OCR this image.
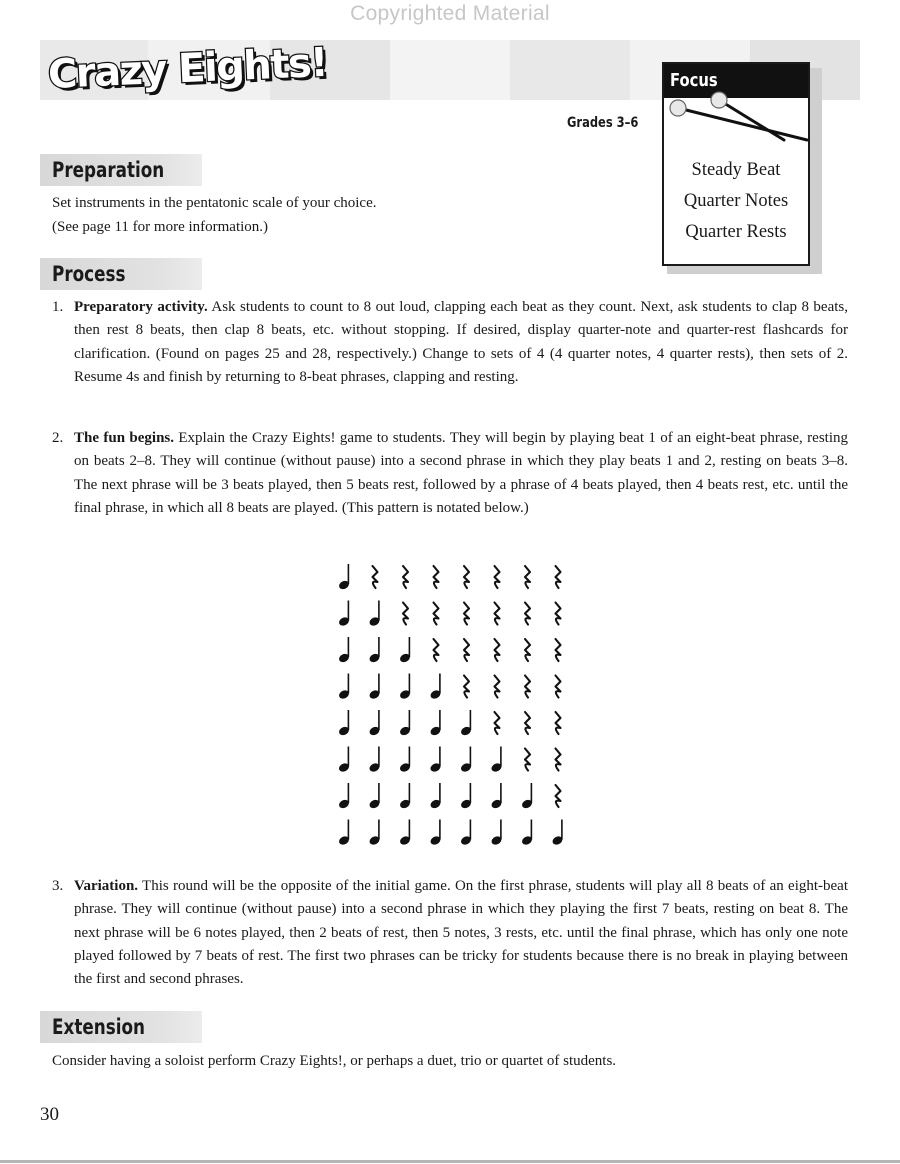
Copyrighted Material
Crazy Eights!
Grades 3–6
Focus
Steady Beat
Quarter Notes
Quarter Rests
Preparation

Set instruments in the pentatonic scale of your choice.

(See page 11 for more information.)

Process
1. Preparatory activity. Ask students to count to 8 out loud, clapping each beat as they count. Next, ask students to clap 8 beats, then rest 8 beats, then clap 8 beats, etc. without stopping. If desired, display quarter-note and quarter-rest flashcards for clarification. (Found on pages 25 and 28, respectively.) Change to sets of 4 (4 quarter notes, 4 quarter rests), then sets of 2. Resume 4s and finish by returning to 8-beat phrases, clapping and resting.
2. The fun begins. Explain the Crazy Eights! game to students. They will begin by playing beat 1 of an eight-beat phrase, resting on beats 2–8. They will continue (without pause) into a second phrase in which they play beats 1 and 2, resting on beats 3–8. The next phrase will be 3 beats played, then 5 beats rest, followed by a phrase of 4 beats played, then 4 beats rest, etc. until the final phrase, in which all 8 beats are played. (This pattern is notated below.)
3. Variation. This round will be the opposite of the initial game. On the first phrase, students will play all 8 beats of an eight-beat phrase. They will continue (without pause) into a second phrase in which they playing the first 7 beats, resting on beat 8. The next phrase will be 6 notes played, then 2 beats of rest, then 5 notes, 3 rests, etc. until the final phrase, which has only one note played followed by 7 beats of rest. The first two phrases can be tricky for students because there is no break in playing between the first and second phrases.
Extension
Consider having a soloist perform Crazy Eights!, or perhaps a duet, trio or quartet of students.
30
